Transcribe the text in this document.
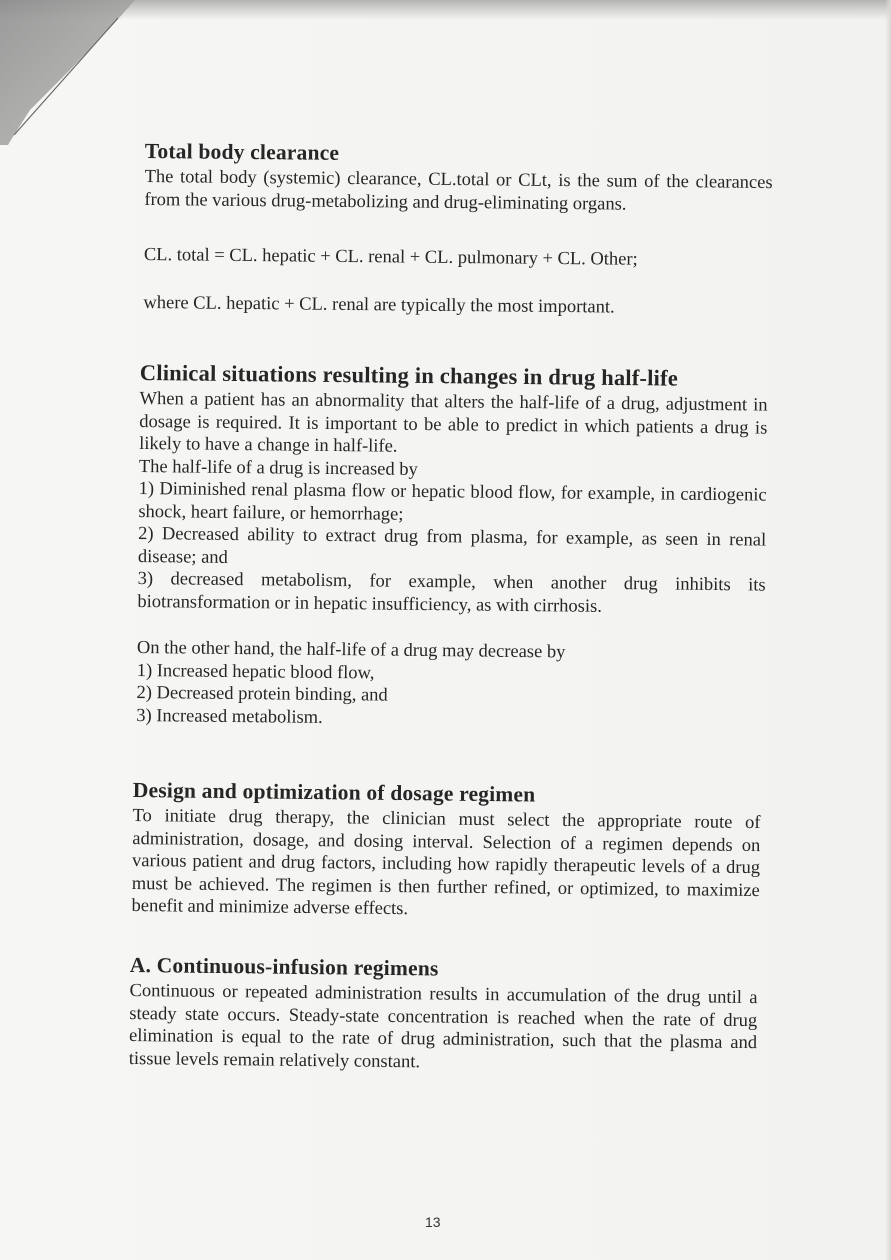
Total body clearance

The total body (systemic) clearance, CL.total or CLt, is the sum of the clearances from the various drug-metabolizing and drug-eliminating organs.

CL. total = CL. hepatic + CL. renal + CL. pulmonary + CL. Other;

where CL. hepatic + CL. renal are typically the most important.

Clinical situations resulting in changes in drug half-life

When a patient has an abnormality that alters the half-life of a drug, adjustment in dosage is required. It is important to be able to predict in which patients a drug is likely to have a change in half-life.

The half-life of a drug is increased by

1) Diminished renal plasma flow or hepatic blood flow, for example, in cardiogenic shock, heart failure, or hemorrhage;

2) Decreased ability to extract drug from plasma, for example, as seen in renal disease; and

3) decreased metabolism, for example, when another drug inhibits its biotransformation or in hepatic insufficiency, as with cirrhosis.

On the other hand, the half-life of a drug may decrease by

1) Increased hepatic blood flow,

2) Decreased protein binding, and

3) Increased metabolism.

Design and optimization of dosage regimen

To initiate drug therapy, the clinician must select the appropriate route of administration, dosage, and dosing interval. Selection of a regimen depends on various patient and drug factors, including how rapidly therapeutic levels of a drug must be achieved. The regimen is then further refined, or optimized, to maximize benefit and minimize adverse effects.

A. Continuous-infusion regimens

Continuous or repeated administration results in accumulation of the drug until a steady state occurs. Steady-state concentration is reached when the rate of drug elimination is equal to the rate of drug administration, such that the plasma and tissue levels remain relatively constant.

13
